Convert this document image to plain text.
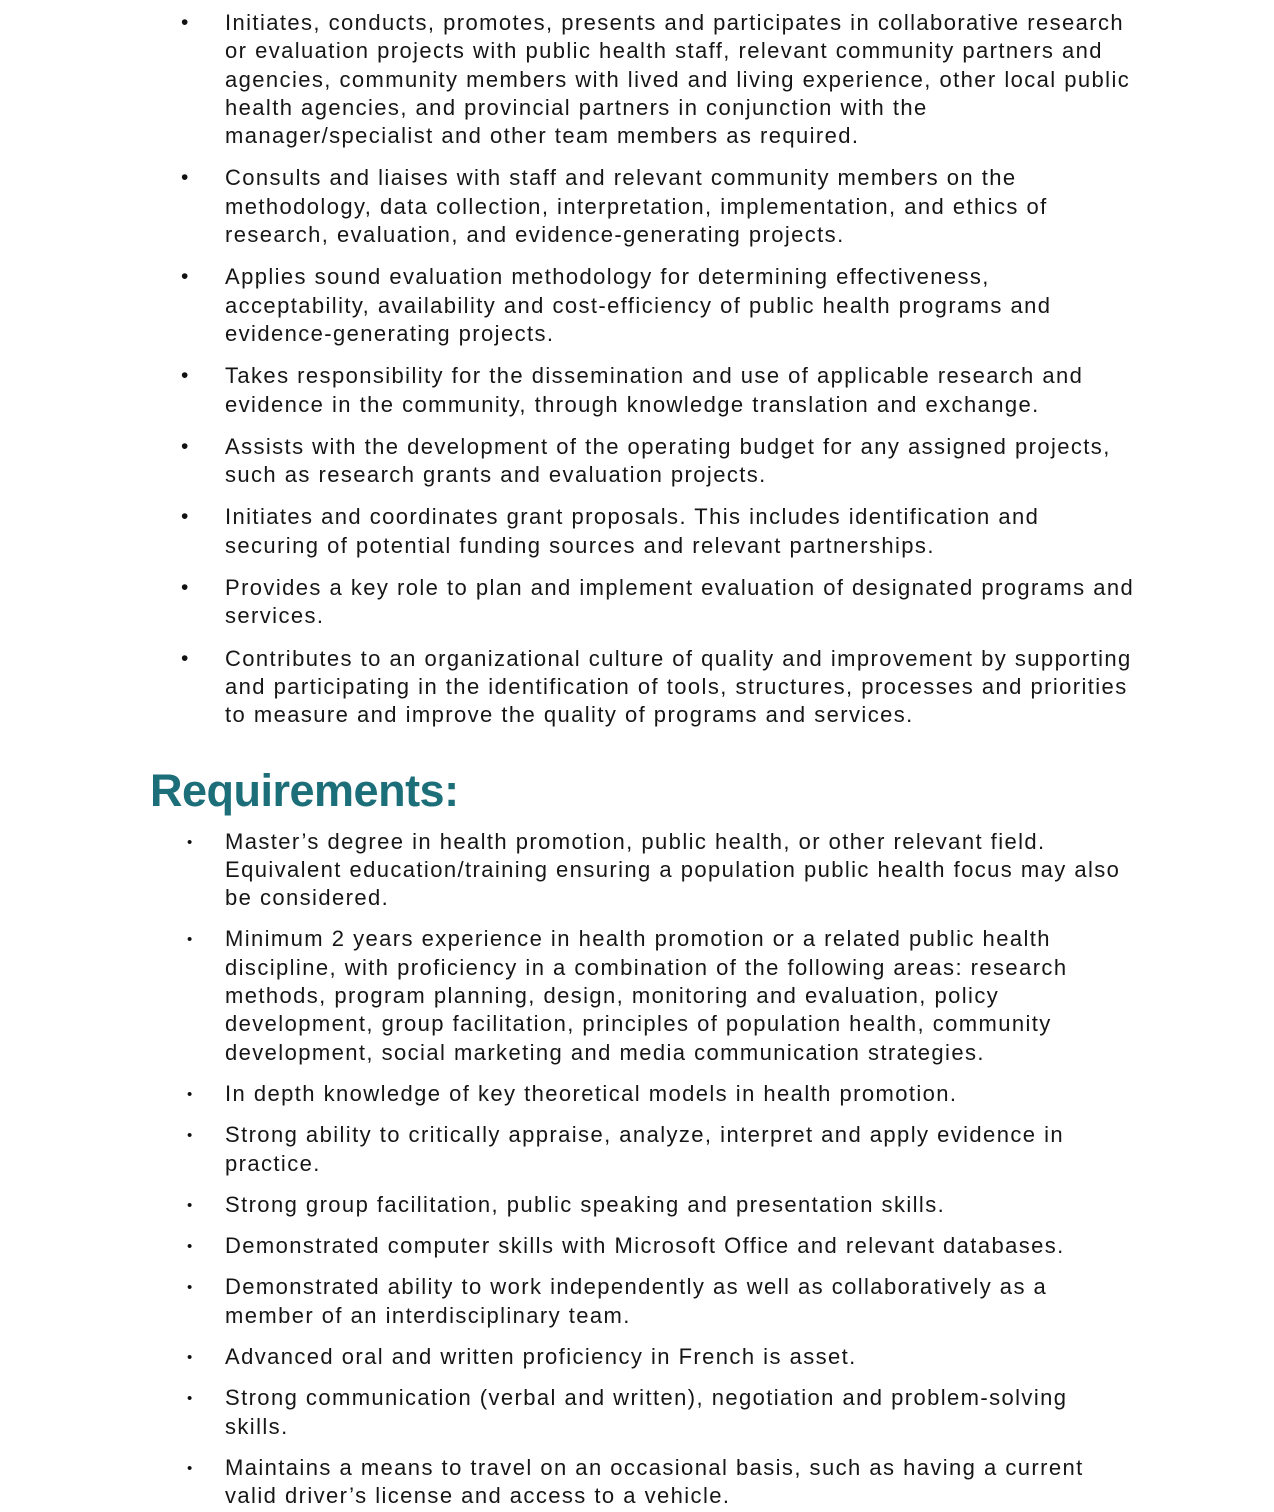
• Initiates, conducts, promotes, presents and participates in collaborative research or evaluation projects with public health staff, relevant community partners and agencies, community members with lived and living experience, other local public health agencies, and provincial partners in conjunction with the manager/specialist and other team members as required.
• Consults and liaises with staff and relevant community members on the methodology, data collection, interpretation, implementation, and ethics of research, evaluation, and evidence-generating projects.
• Applies sound evaluation methodology for determining effectiveness, acceptability, availability and cost-efficiency of public health programs and evidence-generating projects.
• Takes responsibility for the dissemination and use of applicable research and evidence in the community, through knowledge translation and exchange.
• Assists with the development of the operating budget for any assigned projects, such as research grants and evaluation projects.
• Initiates and coordinates grant proposals. This includes identification and securing of potential funding sources and relevant partnerships.
• Provides a key role to plan and implement evaluation of designated programs and services.
• Contributes to an organizational culture of quality and improvement by supporting and participating in the identification of tools, structures, processes and priorities to measure and improve the quality of programs and services.
Requirements:
• Master’s degree in health promotion, public health, or other relevant field. Equivalent education/training ensuring a population public health focus may also be considered.
• Minimum 2 years experience in health promotion or a related public health discipline, with proficiency in a combination of the following areas: research methods, program planning, design, monitoring and evaluation, policy development, group facilitation, principles of population health, community development, social marketing and media communication strategies.
• In depth knowledge of key theoretical models in health promotion.
• Strong ability to critically appraise, analyze, interpret and apply evidence in practice.
• Strong group facilitation, public speaking and presentation skills.
• Demonstrated computer skills with Microsoft Office and relevant databases.
• Demonstrated ability to work independently as well as collaboratively as a member of an interdisciplinary team.
• Advanced oral and written proficiency in French is asset.
• Strong communication (verbal and written), negotiation and problem-solving skills.
• Maintains a means to travel on an occasional basis, such as having a current valid driver’s license and access to a vehicle.
